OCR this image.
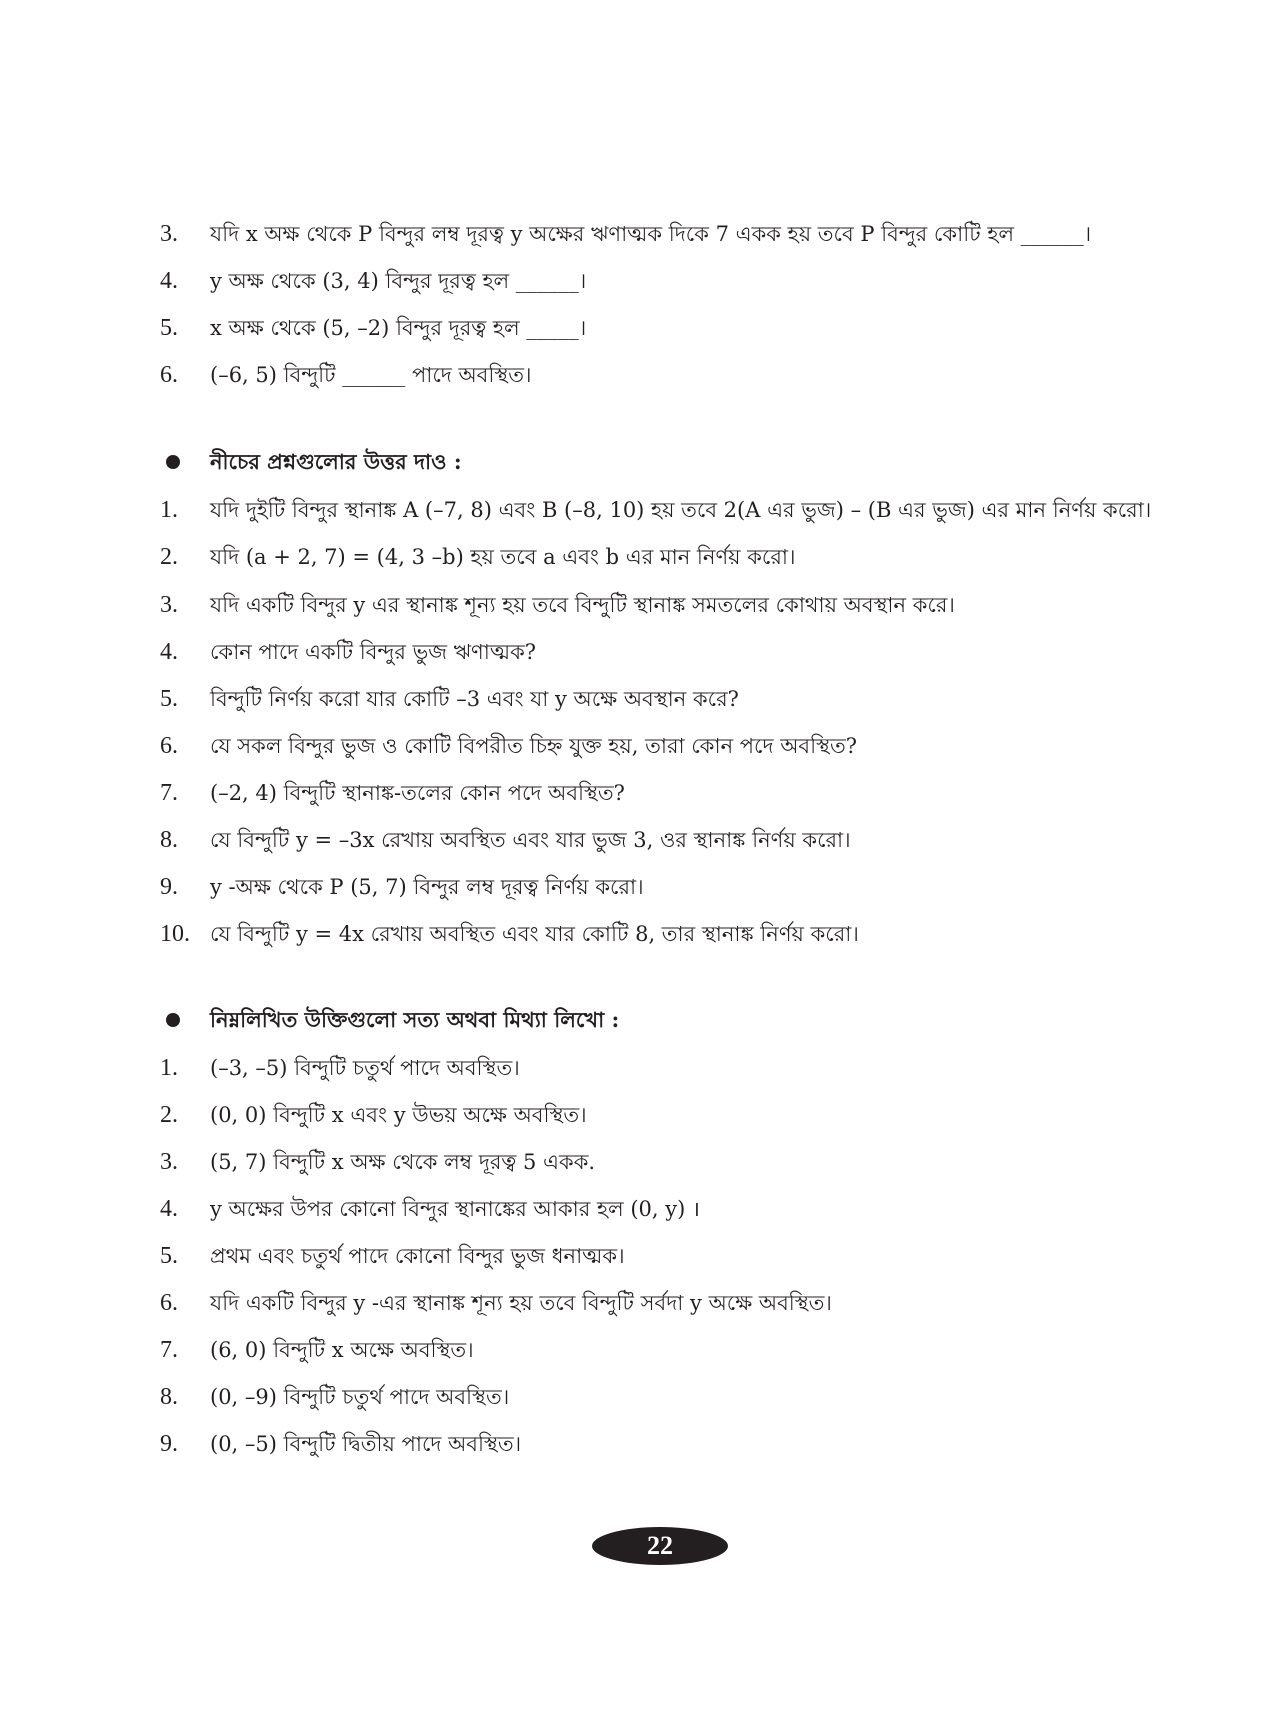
3. যদি x অক্ষ থেকে P বিন্দুর লম্ব দূরত্ব y অক্ষের ঋণাত্মক দিকে 7 একক হয় তবে P বিন্দুর কোটি হল ______।
4. y অক্ষ থেকে (3, 4) বিন্দুর দূরত্ব হল ______।
5. x অক্ষ থেকে (5, –2) বিন্দুর দূরত্ব হল _____।
6. (–6, 5) বিন্দুটি ______ পাদে অবস্থিত।
নীচের প্রশ্নগুলোর উত্তর দাও :
1. যদি দুইটি বিন্দুর স্থানাঙ্ক A (–7, 8) এবং B (–8, 10) হয় তবে 2(A এর ভুজ) – (B এর ভুজ) এর মান নির্ণয় করো।
2. যদি (a + 2, 7) = (4, 3 –b) হয় তবে a এবং b এর মান নির্ণয় করো।
3. যদি একটি বিন্দুর y এর স্থানাঙ্ক শূন্য হয় তবে বিন্দুটি স্থানাঙ্ক সমতলের কোথায় অবস্থান করে।
4. কোন পাদে একটি বিন্দুর ভুজ ঋণাত্মক?
5. বিন্দুটি নির্ণয় করো যার কোটি –3 এবং যা y অক্ষে অবস্থান করে?
6. যে সকল বিন্দুর ভুজ ও কোটি বিপরীত চিহ্ন যুক্ত হয়, তারা কোন পদে অবস্থিত?
7. (–2, 4) বিন্দুটি স্থানাঙ্ক-তলের কোন পদে অবস্থিত?
8. যে বিন্দুটি y = –3x রেখায় অবস্থিত এবং যার ভুজ 3, ওর স্থানাঙ্ক নির্ণয় করো।
9. y -অক্ষ থেকে P (5, 7) বিন্দুর লম্ব দূরত্ব নির্ণয় করো।
10. যে বিন্দুটি y = 4x রেখায় অবস্থিত এবং যার কোটি 8, তার স্থানাঙ্ক নির্ণয় করো।
নিম্নলিখিত উক্তিগুলো সত্য অথবা মিথ্যা লিখো :
1. (–3, –5) বিন্দুটি চতুর্থ পাদে অবস্থিত।
2. (0, 0) বিন্দুটি x এবং y উভয় অক্ষে অবস্থিত।
3. (5, 7) বিন্দুটি x অক্ষ থেকে লম্ব দূরত্ব 5 একক.
4. y অক্ষের উপর কোনো বিন্দুর স্থানাঙ্কের আকার হল (0, y) ।
5. প্রথম এবং চতুর্থ পাদে কোনো বিন্দুর ভুজ ধনাত্মক।
6. যদি একটি বিন্দুর y -এর স্থানাঙ্ক শূন্য হয় তবে বিন্দুটি সর্বদা y অক্ষে অবস্থিত।
7. (6, 0) বিন্দুটি x অক্ষে অবস্থিত।
8. (0, –9) বিন্দুটি চতুর্থ পাদে অবস্থিত।
9. (0, –5) বিন্দুটি দ্বিতীয় পাদে অবস্থিত।
22
